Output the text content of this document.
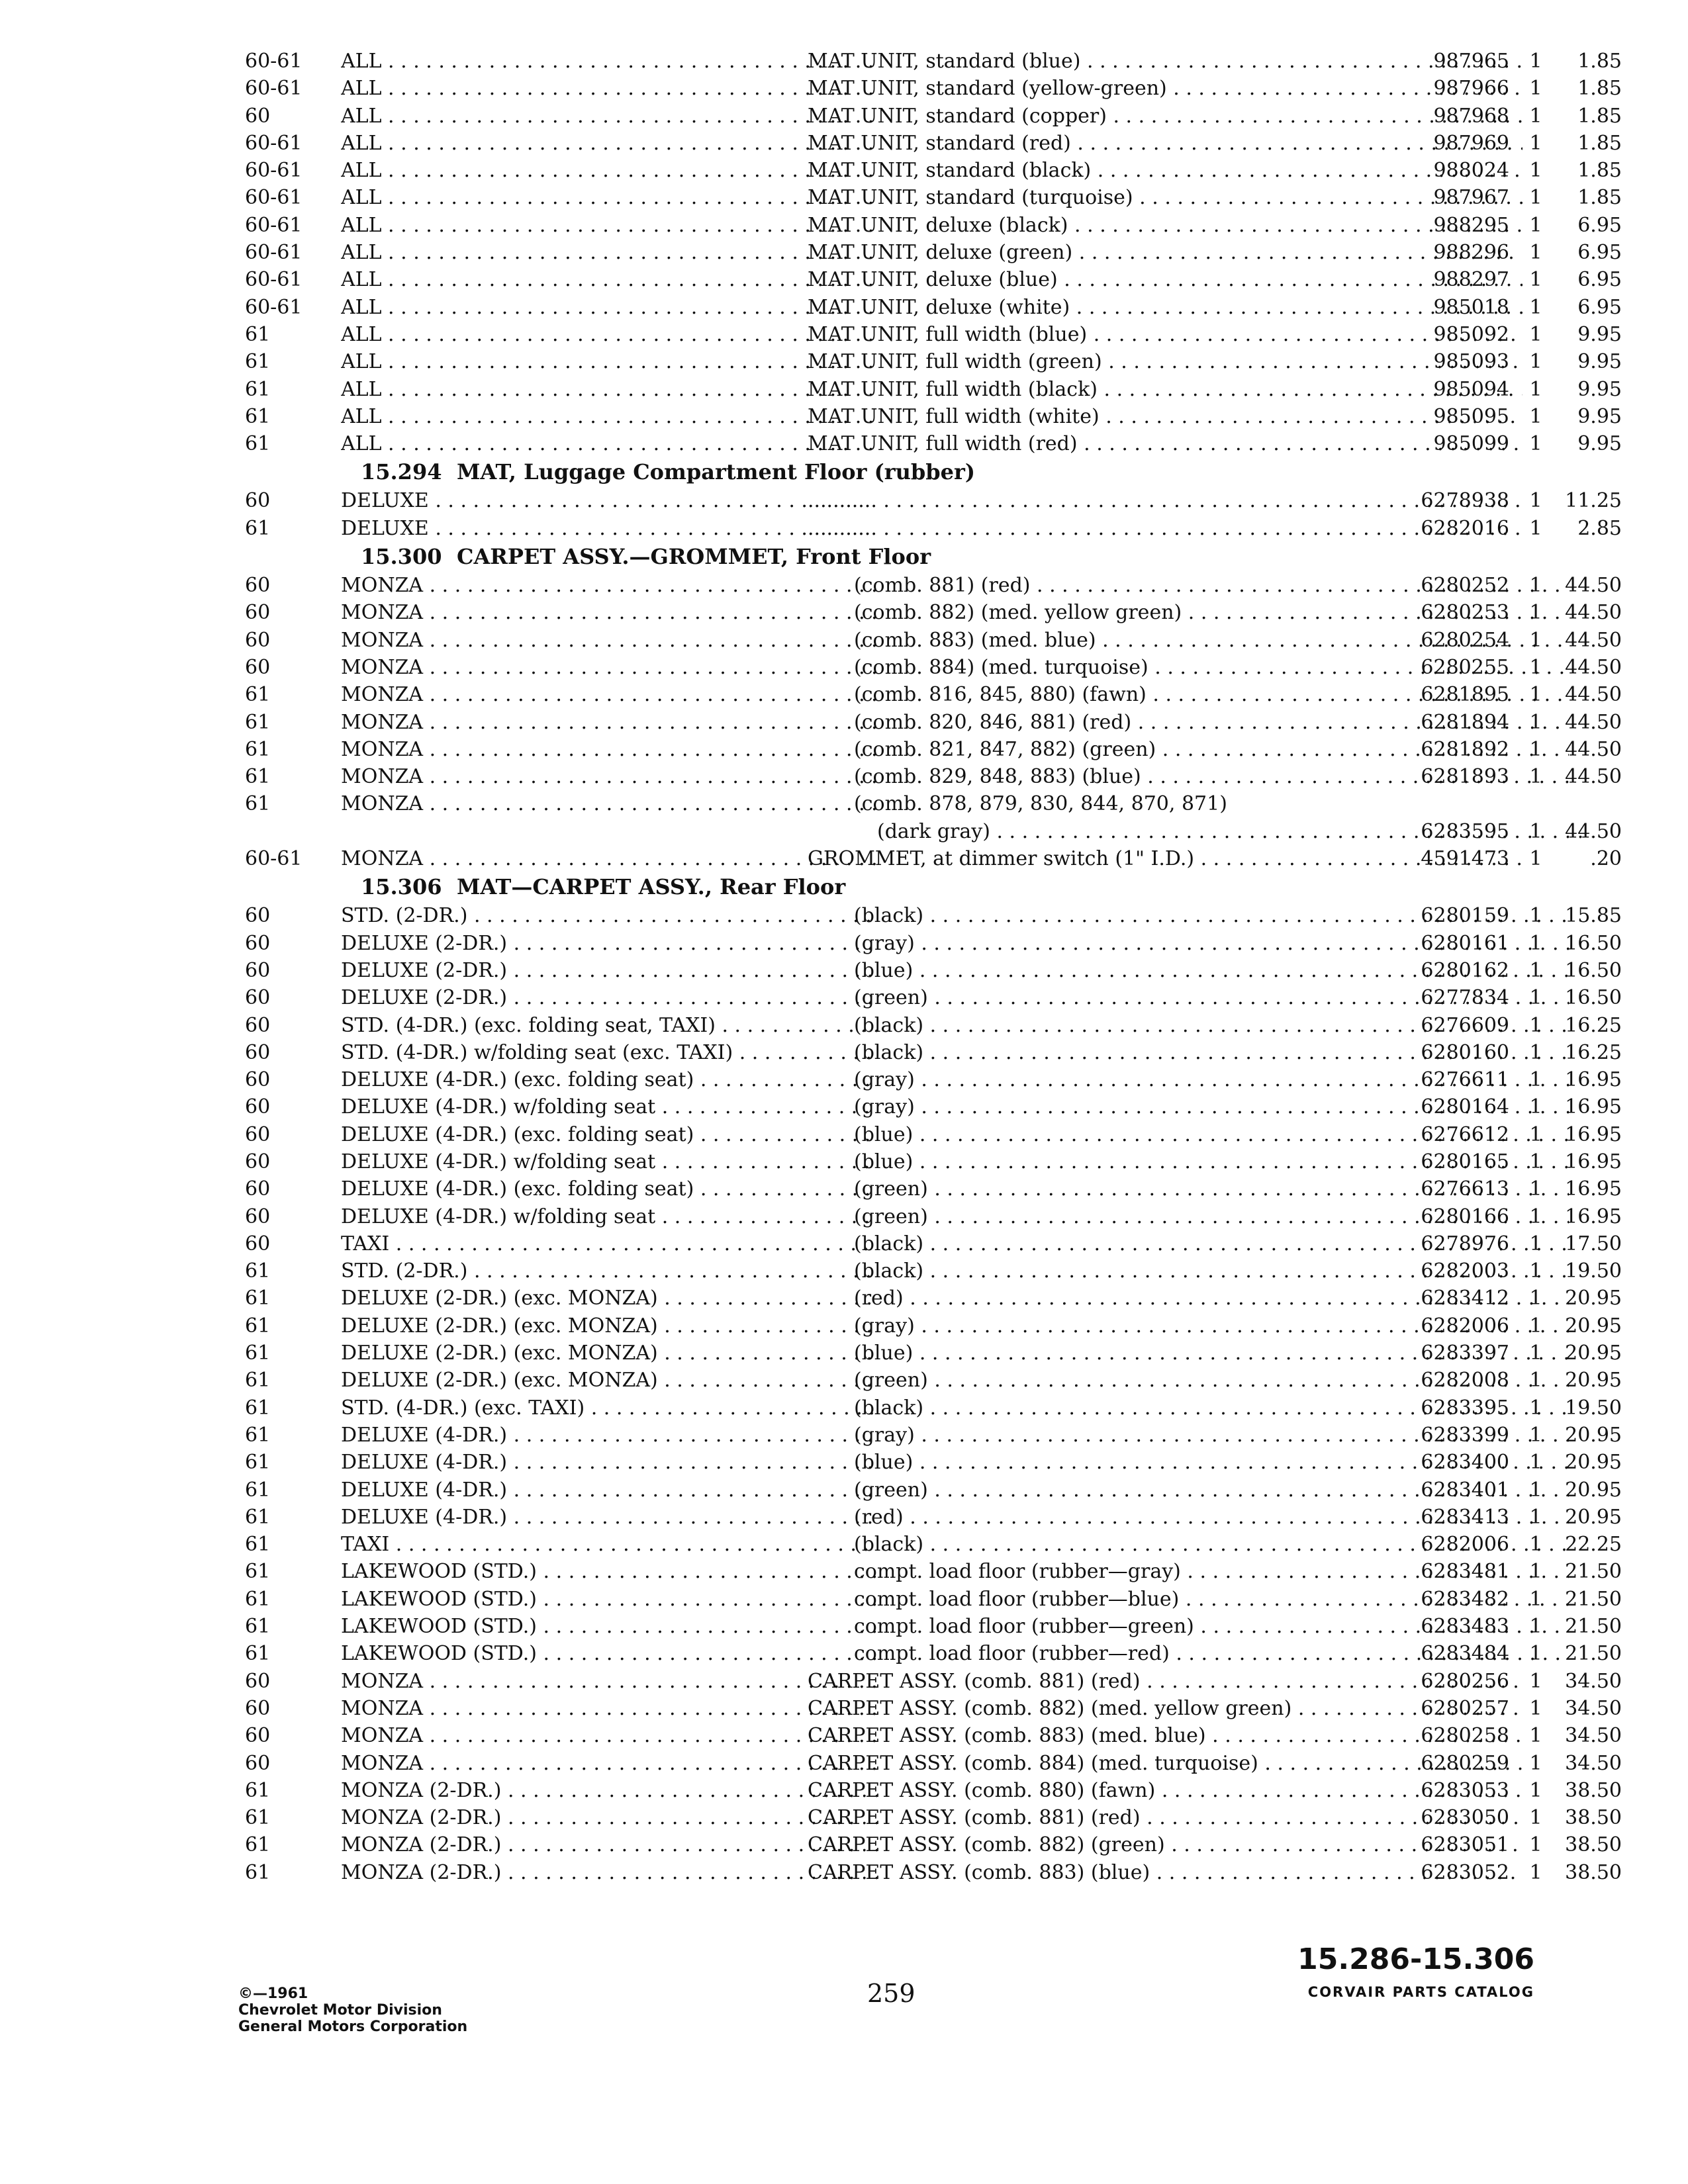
60-61	ALL . . .	MAT UNIT, standard (blue) . . .	987965 1	1.85
60-61	ALL . . .	MAT UNIT, standard (yellow-green) . . .	987966 1	1.85
60	ALL . . .	MAT UNIT, standard (copper) . . .	987968 1	1.85
60-61	ALL . . .	MAT UNIT, standard (red) . . .	987969 1	1.85
60-61	ALL . . .	MAT UNIT, standard (black) . . .	988024 1	1.85
60-61	ALL . . .	MAT UNIT, standard (turquoise) . . .	987967 1	1.85
60-61	ALL . . .	MAT UNIT, deluxe (black) . . .	988295 1	6.95
60-61	ALL . . .	MAT UNIT, deluxe (green) . . .	988296 1	6.95
60-61	ALL . . .	MAT UNIT, deluxe (blue) . . .	988297 1	6.95
60-61	ALL . . .	MAT UNIT, deluxe (white) . . .	985018 1	6.95
61	ALL . . .	MAT UNIT, full width (blue) . . .	985092 1	9.95
61	ALL . . .	MAT UNIT, full width (green) . . .	985093 1	9.95
61	ALL . . .	MAT UNIT, full width (black) . . .	985094 1	9.95
61	ALL . . .	MAT UNIT, full width (white) . . .	985095 1	9.95
61	ALL . . .	MAT UNIT, full width (red) . . .	985099 1	9.95
15.294 MAT, Luggage Compartment Floor (rubber)
60	DELUXE . . . . . .	6278938 1	11.25
61	DELUXE . . . . . .	6282016 1	2.85
15.300 CARPET ASSY.—GROMMET, Front Floor
60	MONZA . . .	(comb. 881) (red) . . .	6280252 1	44.50
60	MONZA . . .	(comb. 882) (med. yellow green) . . .	6280253 1	44.50
60	MONZA . . .	(comb. 883) (med. blue) . . .	6280254 1	44.50
60	MONZA . . .	(comb. 884) (med. turquoise) . . .	6280255 1	44.50
61	MONZA . . .	(comb. 816, 845, 880) (fawn) . . .	6281895 1	44.50
61	MONZA . . .	(comb. 820, 846, 881) (red) . . .	6281894 1	44.50
61	MONZA . . .	(comb. 821, 847, 882) (green) . . .	6281892 1	44.50
61	MONZA . . .	(comb. 829, 848, 883) (blue) . . .	6281893 1	44.50
61	MONZA . . .	(comb. 878, 879, 830, 844, 870, 871)
(dark gray) . . .	6283595 1	44.50
60-61	MONZA . . .	GROMMET, at dimmer switch (1" I.D.) . . .	4591473 1	.20
15.306 MAT—CARPET ASSY., Rear Floor
60	STD. (2-DR.) . . .	(black) . . .	6280159 1	15.85
60	DELUXE (2-DR.) . . .	(gray) . . .	6280161 1	16.50
60	DELUXE (2-DR.) . . .	(blue) . . .	6280162 1	16.50
60	DELUXE (2-DR.) . . .	(green) . . .	6277834 1	16.50
60	STD. (4-DR.) (exc. folding seat, TAXI) . . .	(black) . . .	6276609 1	16.25
60	STD. (4-DR.) w/folding seat (exc. TAXI) . . .	(black) . . .	6280160 1	16.25
60	DELUXE (4-DR.) (exc. folding seat) . . .	(gray) . . .	6276611 1	16.95
60	DELUXE (4-DR.) w/folding seat . . .	(gray) . . .	6280164 1	16.95
60	DELUXE (4-DR.) (exc. folding seat) . . .	(blue) . . .	6276612 1	16.95
60	DELUXE (4-DR.) w/folding seat . . .	(blue) . . .	6280165 1	16.95
60	DELUXE (4-DR.) (exc. folding seat) . . .	(green) . . .	6276613 1	16.95
60	DELUXE (4-DR.) w/folding seat . . .	(green) . . .	6280166 1	16.95
60	TAXI . . .	(black) . . .	6278976 1	17.50
61	STD. (2-DR.) . . .	(black) . . .	6282003 1	19.50
61	DELUXE (2-DR.) (exc. MONZA) . . .	(red) . . .	6283412 1	20.95
61	DELUXE (2-DR.) (exc. MONZA) . . .	(gray) . . .	6282006 1	20.95
61	DELUXE (2-DR.) (exc. MONZA) . . .	(blue) . . .	6283397 1	20.95
61	DELUXE (2-DR.) (exc. MONZA) . . .	(green) . . .	6282008 1	20.95
61	STD. (4-DR.) (exc. TAXI) . . .	(black) . . .	6283395 1	19.50
61	DELUXE (4-DR.) . . .	(gray) . . .	6283399 1	20.95
61	DELUXE (4-DR.) . . .	(blue) . . .	6283400 1	20.95
61	DELUXE (4-DR.) . . .	(green) . . .	6283401 1	20.95
61	DELUXE (4-DR.) . . .	(red) . . .	6283413 1	20.95
61	TAXI . . .	(black) . . .	6282006 1	22.25
61	LAKEWOOD (STD.) . . .	compt. load floor (rubber—gray) . . .	6283481 1	21.50
61	LAKEWOOD (STD.) . . .	compt. load floor (rubber—blue) . . .	6283482 1	21.50
61	LAKEWOOD (STD.) . . .	compt. load floor (rubber—green) . . .	6283483 1	21.50
61	LAKEWOOD (STD.) . . .	compt. load floor (rubber—red) . . .	6283484 1	21.50
60	MONZA . . .	CARPET ASSY. (comb. 881) (red) . . .	6280256 1	34.50
60	MONZA . . .	CARPET ASSY. (comb. 882) (med. yellow green) . . .	6280257 1	34.50
60	MONZA . . .	CARPET ASSY. (comb. 883) (med. blue) . . .	6280258 1	34.50
60	MONZA . . .	CARPET ASSY. (comb. 884) (med. turquoise) . . .	6280259 1	34.50
61	MONZA (2-DR.) . . .	CARPET ASSY. (comb. 880) (fawn) . . .	6283053 1	38.50
61	MONZA (2-DR.) . . .	CARPET ASSY. (comb. 881) (red) . . .	6283050 1	38.50
61	MONZA (2-DR.) . . .	CARPET ASSY. (comb. 882) (green) . . .	6283051 1	38.50
61	MONZA (2-DR.) . . .	CARPET ASSY. (comb. 883) (blue) . . .	6283052 1	38.50
©—1961
Chevrolet Motor Division
General Motors Corporation
259
15.286-15.306
CORVAIR PARTS CATALOG
